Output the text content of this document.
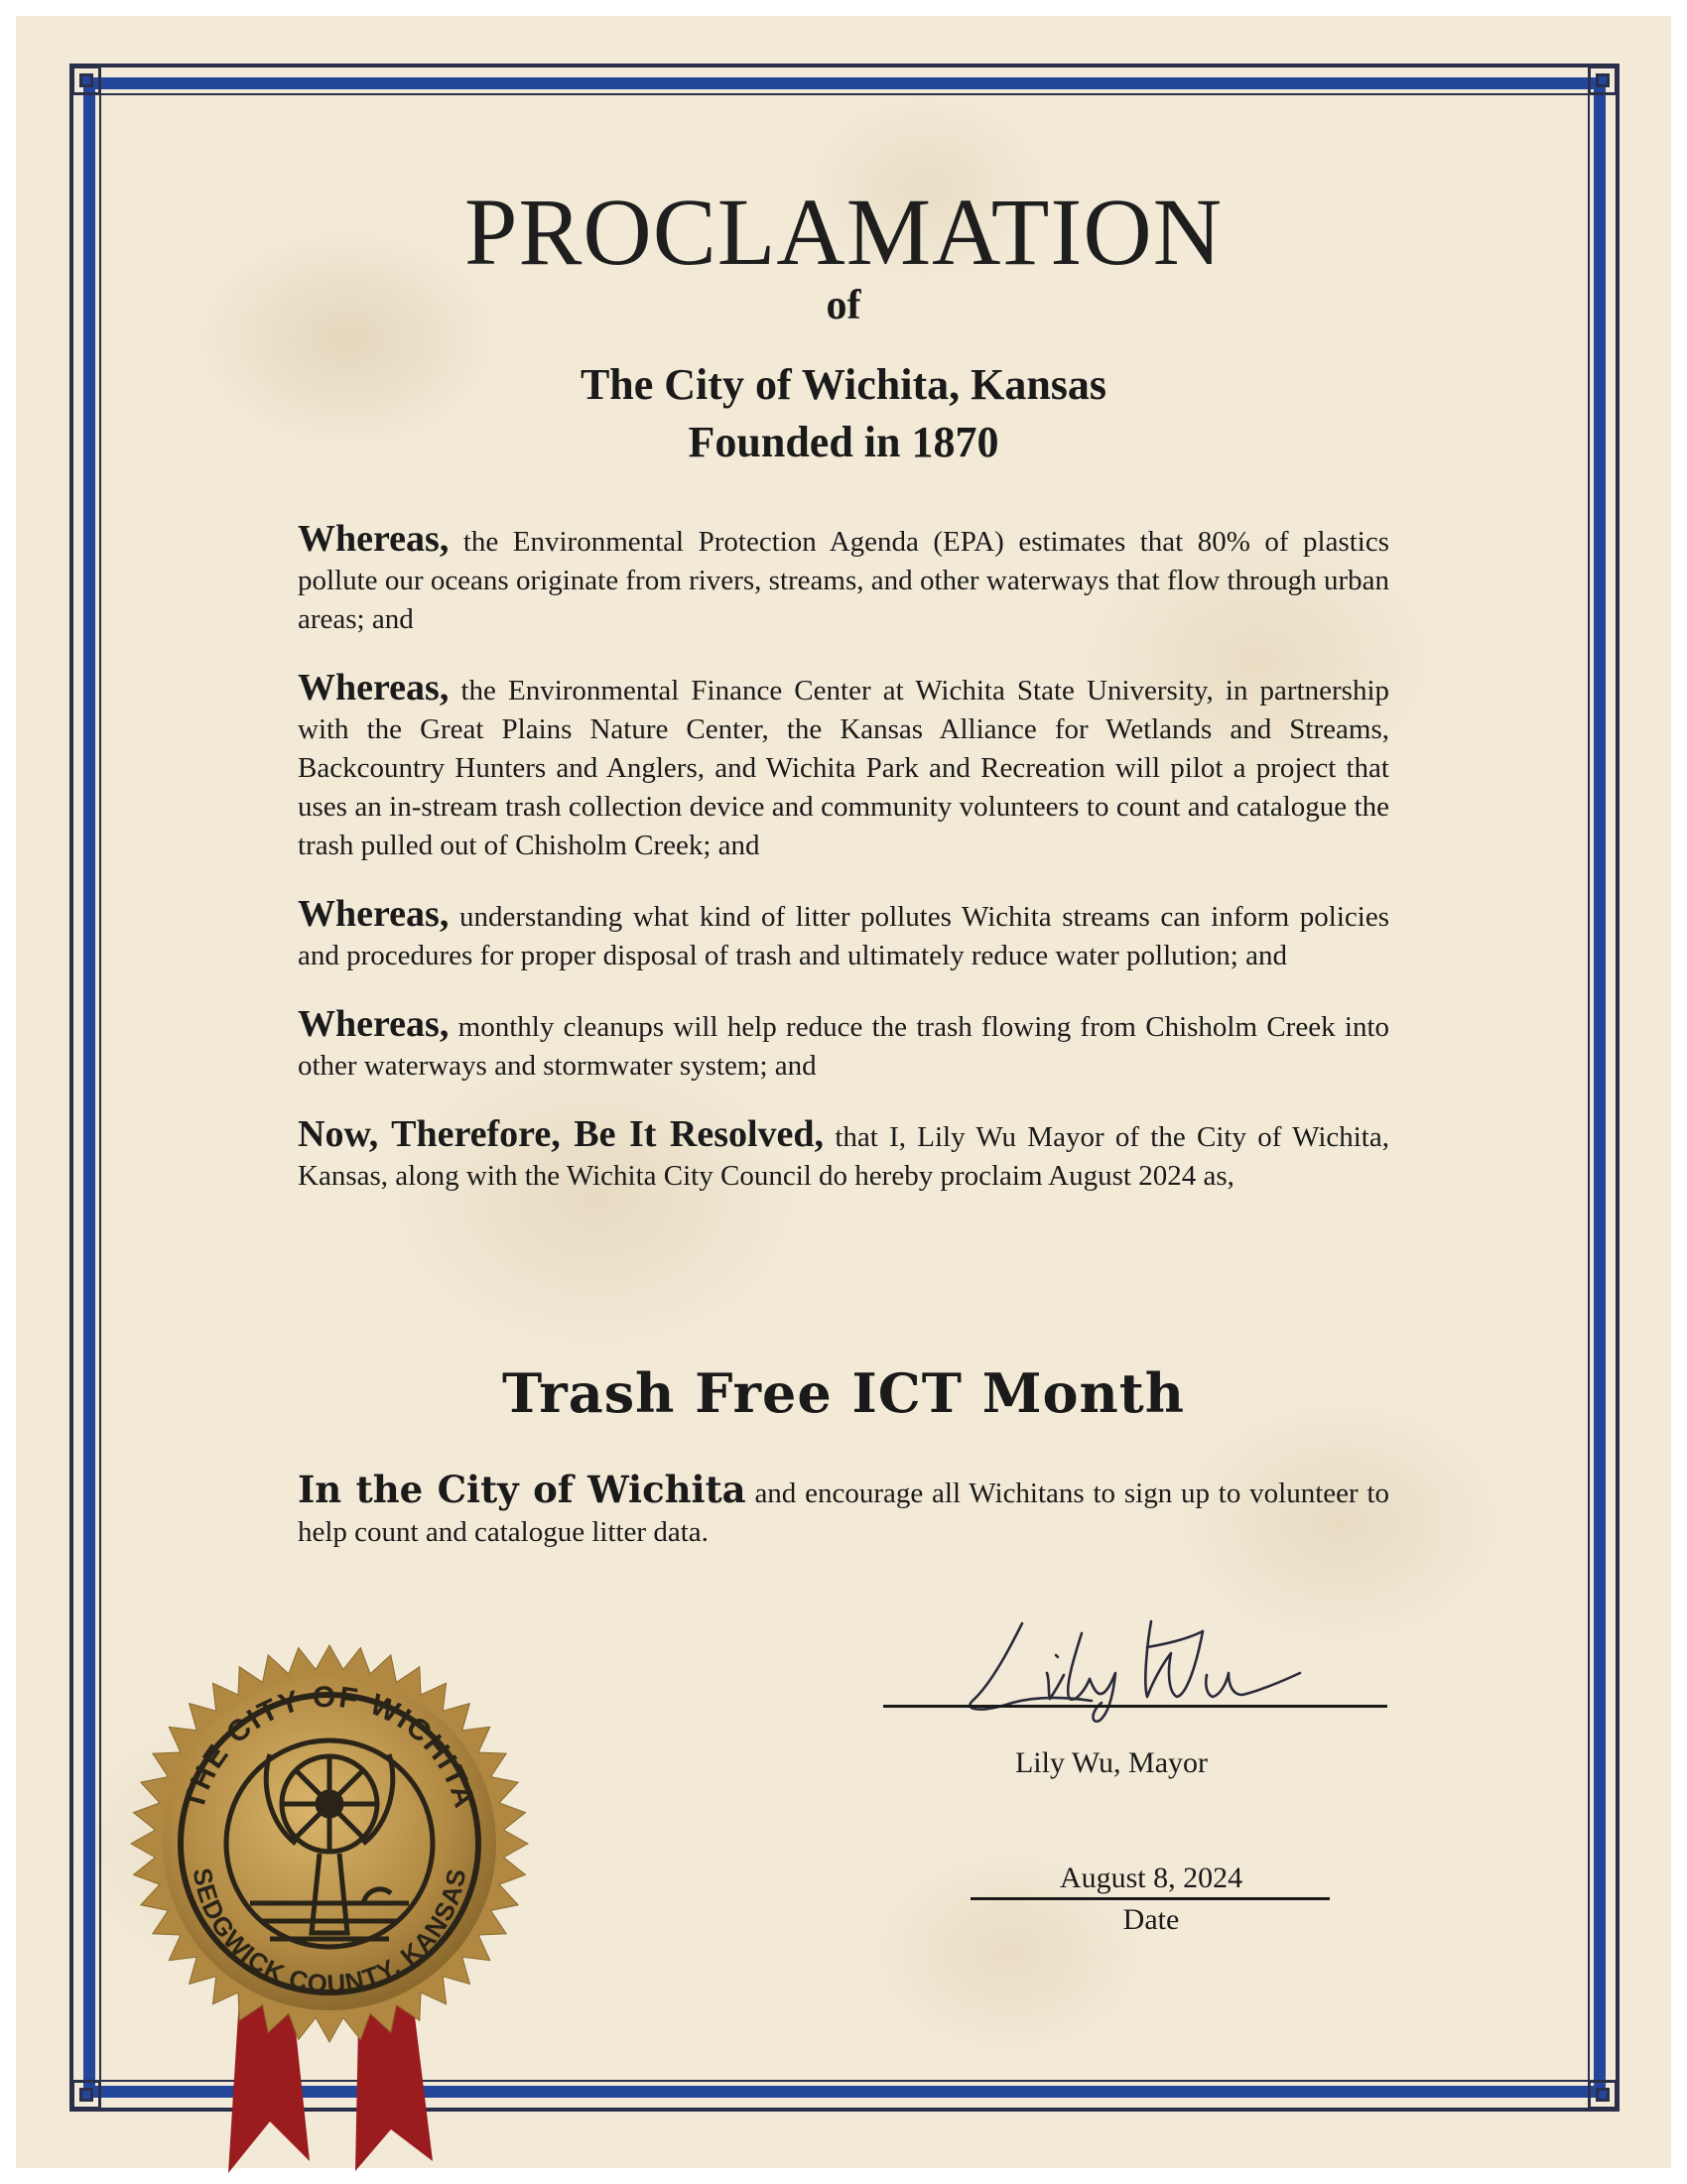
PROCLAMATION
of
The City of Wichita, Kansas
Founded in 1870

Whereas, the Environmental Protection Agenda (EPA) estimates that 80% of plastics pollute our oceans originate from rivers, streams, and other waterways that flow through urban areas; and

Whereas, the Environmental Finance Center at Wichita State University, in partnership with the Great Plains Nature Center, the Kansas Alliance for Wetlands and Streams, Backcountry Hunters and Anglers, and Wichita Park and Recreation will pilot a project that uses an in-stream trash collection device and community volunteers to count and catalogue the trash pulled out of Chisholm Creek; and

Whereas, understanding what kind of litter pollutes Wichita streams can inform policies and procedures for proper disposal of trash and ultimately reduce water pollution; and

Whereas, monthly cleanups will help reduce the trash flowing from Chisholm Creek into other waterways and stormwater system; and

Now, Therefore, Be It Resolved, that I, Lily Wu Mayor of the City of Wichita, Kansas, along with the Wichita City Council do hereby proclaim August 2024 as,

Trash Free ICT Month
In the City of Wichita and encourage all Wichitans to sign up to volunteer to help count and catalogue litter data.
Lily Wu, Mayor
August 8, 2024
Date
THE CITY OF WICHITA
SEDGWICK COUNTY, KANSAS
